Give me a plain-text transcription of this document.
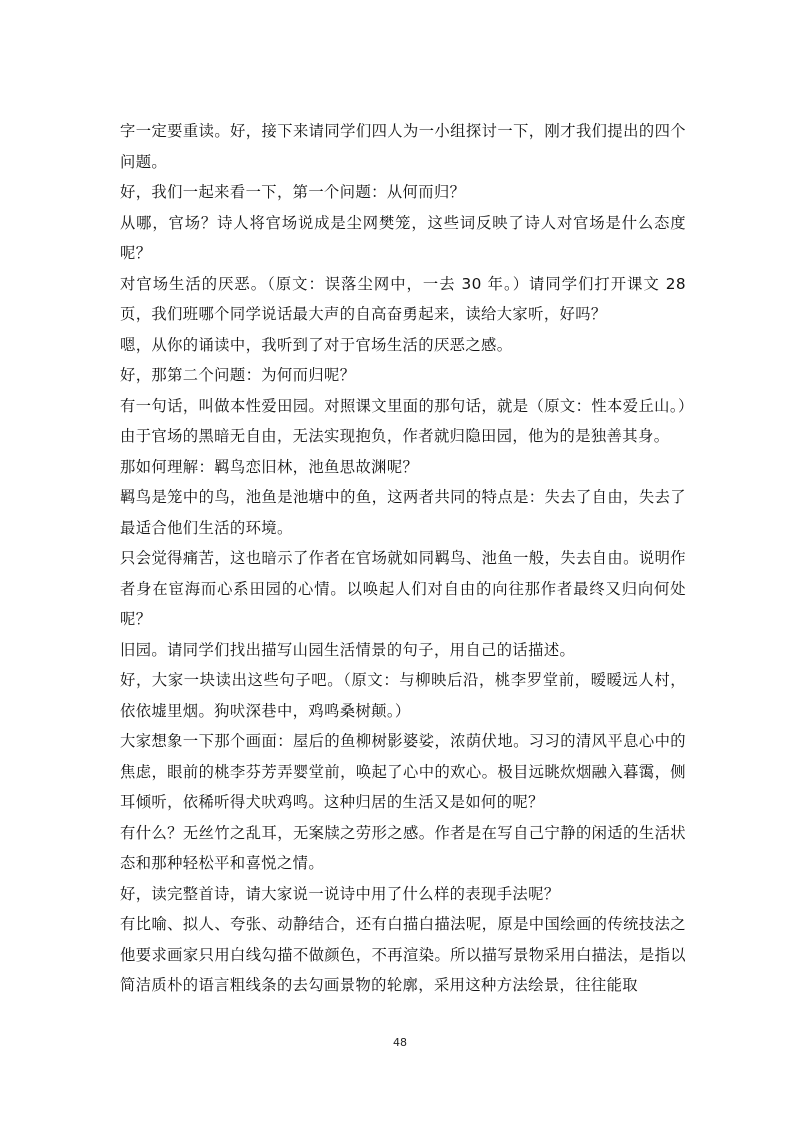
字一定要重读。好，接下来请同学们四人为一小组探讨一下，刚才我们提出的四个问题。

好，我们一起来看一下，第一个问题：从何而归？

从哪，官场？诗人将官场说成是尘网樊笼，这些词反映了诗人对官场是什么态度呢？

对官场生活的厌恶。（原文：误落尘网中，一去 30 年。）请同学们打开课文 28 页，我们班哪个同学说话最大声的自高奋勇起来，读给大家听，好吗？

嗯，从你的诵读中，我听到了对于官场生活的厌恶之感。

好，那第二个问题：为何而归呢？

有一句话，叫做本性爱田园。对照课文里面的那句话，就是（原文：性本爱丘山。）由于官场的黑暗无自由，无法实现抱负，作者就归隐田园，他为的是独善其身。

那如何理解：羁鸟恋旧林，池鱼思故渊呢？

羁鸟是笼中的鸟，池鱼是池塘中的鱼，这两者共同的特点是：失去了自由，失去了最适合他们生活的环境。

只会觉得痛苦，这也暗示了作者在官场就如同羁鸟、池鱼一般，失去自由。说明作者身在宦海而心系田园的心情。以唤起人们对自由的向往那作者最终又归向何处呢？

旧园。请同学们找出描写山园生活情景的句子，用自己的话描述。

好，大家一块读出这些句子吧。（原文：与柳映后沿，桃李罗堂前，暧暧远人村，依依墟里烟。狗吠深巷中，鸡鸣桑树颠。）

大家想象一下那个画面：屋后的鱼柳树影婆娑，浓荫伏地。习习的清风平息心中的焦虑，眼前的桃李芬芳弄婴堂前，唤起了心中的欢心。极目远眺炊烟融入暮霭，侧耳倾听，依稀听得犬吠鸡鸣。这种归居的生活又是如何的呢？

有什么？无丝竹之乱耳，无案牍之劳形之感。作者是在写自己宁静的闲适的生活状态和那种轻松平和喜悦之情。

好，读完整首诗，请大家说一说诗中用了什么样的表现手法呢？

有比喻、拟人、夸张、动静结合，还有白描白描法呢，原是中国绘画的传统技法之他要求画家只用白线勾描不做颜色，不再渲染。所以描写景物采用白描法，是指以简洁质朴的语言粗线条的去勾画景物的轮廓，采用这种方法绘景，往往能取

48
